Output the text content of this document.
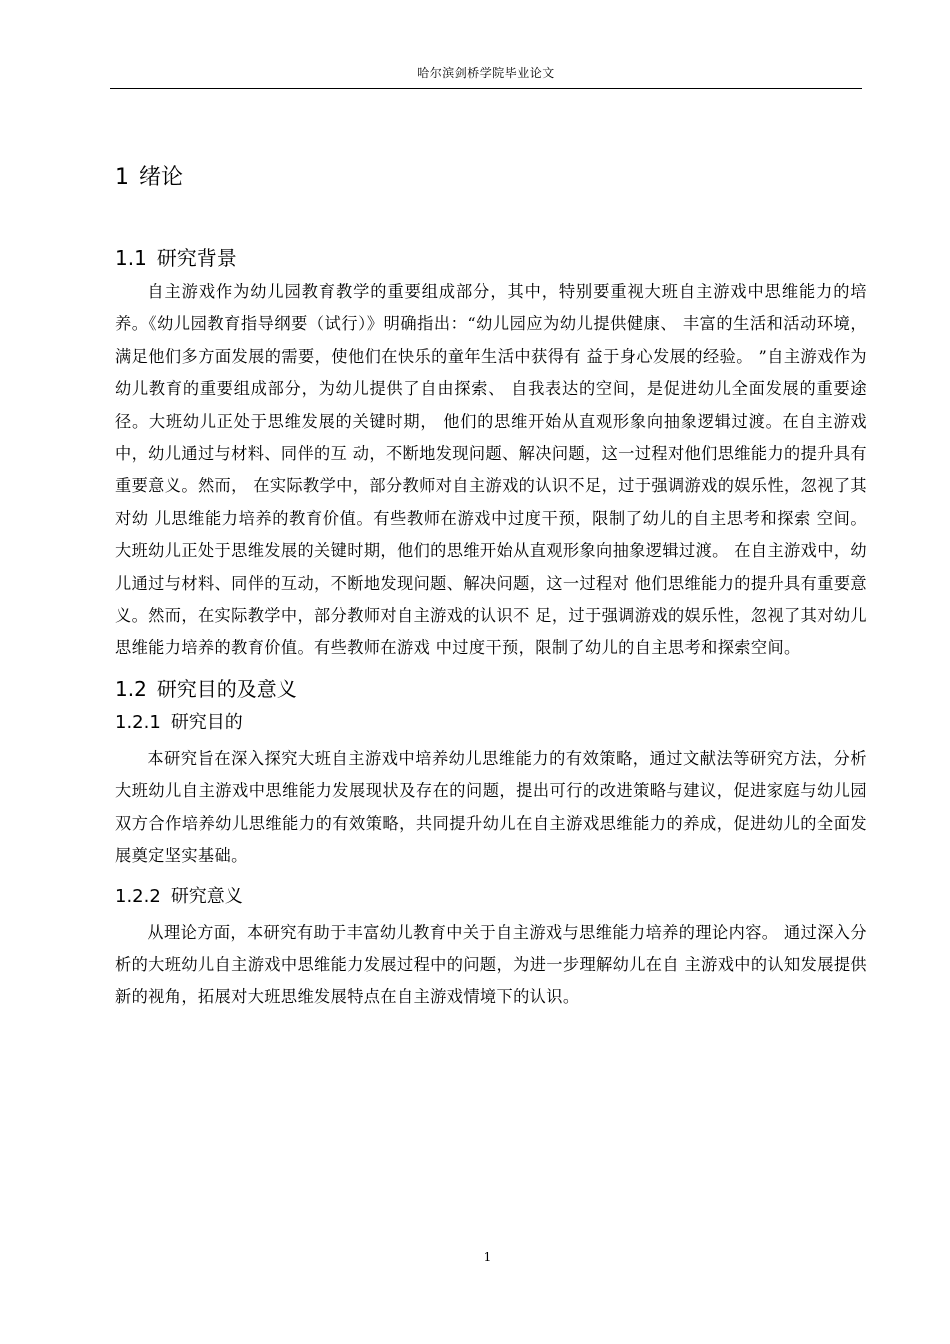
哈尔滨剑桥学院毕业论文
1 绪论
1.1 研究背景

自主游戏作为幼儿园教育教学的重要组成部分，其中，特别要重视大班自主游戏中思维能力的培养。《幼儿园教育指导纲要（试行）》明确指出：“幼儿园应为幼儿提供健康、 丰富的生活和活动环境，满足他们多方面发展的需要，使他们在快乐的童年生活中获得有 益于身心发展的经验。 ”自主游戏作为幼儿教育的重要组成部分，为幼儿提供了自由探索、 自我表达的空间，是促进幼儿全面发展的重要途径。大班幼儿正处于思维发展的关键时期， 他们的思维开始从直观形象向抽象逻辑过渡。在自主游戏中，幼儿通过与材料、同伴的互 动，不断地发现问题、解决问题，这一过程对他们思维能力的提升具有重要意义。然而， 在实际教学中，部分教师对自主游戏的认识不足，过于强调游戏的娱乐性，忽视了其对幼 儿思维能力培养的教育价值。有些教师在游戏中过度干预，限制了幼儿的自主思考和探索 空间。大班幼儿正处于思维发展的关键时期，他们的思维开始从直观形象向抽象逻辑过渡。 在自主游戏中，幼儿通过与材料、同伴的互动，不断地发现问题、解决问题，这一过程对 他们思维能力的提升具有重要意义。然而，在实际教学中，部分教师对自主游戏的认识不 足，过于强调游戏的娱乐性，忽视了其对幼儿思维能力培养的教育价值。有些教师在游戏 中过度干预，限制了幼儿的自主思考和探索空间。

1.2 研究目的及意义
1.2.1 研究目的

本研究旨在深入探究大班自主游戏中培养幼儿思维能力的有效策略，通过文献法等研究方法，分析大班幼儿自主游戏中思维能力发展现状及存在的问题，提出可行的改进策略与建议，促进家庭与幼儿园双方合作培养幼儿思维能力的有效策略，共同提升幼儿在自主游戏思维能力的养成，促进幼儿的全面发展奠定坚实基础。

1.2.2 研究意义

从理论方面，本研究有助于丰富幼儿教育中关于自主游戏与思维能力培养的理论内容。 通过深入分析的大班幼儿自主游戏中思维能力发展过程中的问题，为进一步理解幼儿在自 主游戏中的认知发展提供新的视角，拓展对大班思维发展特点在自主游戏情境下的认识。

1
